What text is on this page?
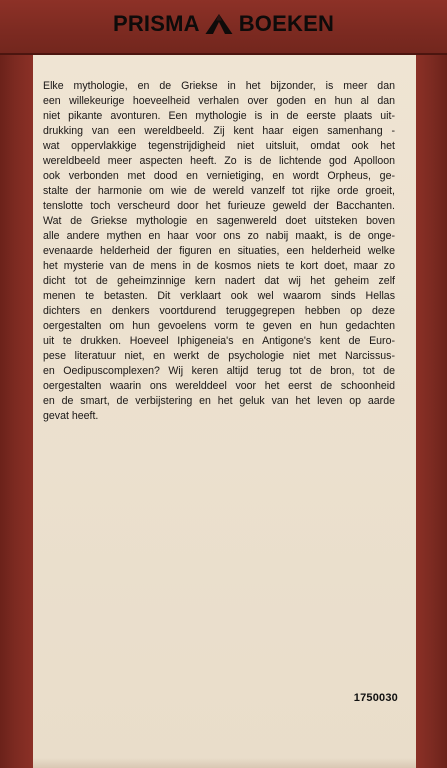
PRISMA BOEKEN

Elke mythologie, en de Griekse in het bijzonder, is meer dan

een willekeurige hoeveelheid verhalen over goden en hun al dan

niet pikante avonturen. Een mythologie is in de eerste plaats uit-

drukking van een wereldbeeld. Zij kent haar eigen samenhang -

wat oppervlakkige tegenstrijdigheid niet uitsluit, omdat ook het

wereldbeeld meer aspecten heeft. Zo is de lichtende god Apolloon

ook verbonden met dood en vernietiging, en wordt Orpheus, ge-

stalte der harmonie om wie de wereld vanzelf tot rijke orde groeit,

tenslotte toch verscheurd door het furieuze geweld der Bacchanten.

Wat de Griekse mythologie en sagenwereld doet uitsteken boven

alle andere mythen en haar voor ons zo nabij maakt, is de onge-

evenaarde helderheid der figuren en situaties, een helderheid welke

het mysterie van de mens in de kosmos niets te kort doet, maar zo

dicht tot de geheimzinnige kern nadert dat wij het geheim zelf

menen te betasten. Dit verklaart ook wel waarom sinds Hellas

dichters en denkers voortdurend teruggegrepen hebben op deze

oergestalten om hun gevoelens vorm te geven en hun gedachten

uit te drukken. Hoeveel Iphigeneia's en Antigone's kent de Euro-

pese literatuur niet, en werkt de psychologie niet met Narcissus-

en Oedipuscomplexen? Wij keren altijd terug tot de bron, tot de

oergestalten waarin ons werelddeel voor het eerst de schoonheid

en de smart, de verbijstering en het geluk van het leven op aarde

gevat heeft.

1750030
